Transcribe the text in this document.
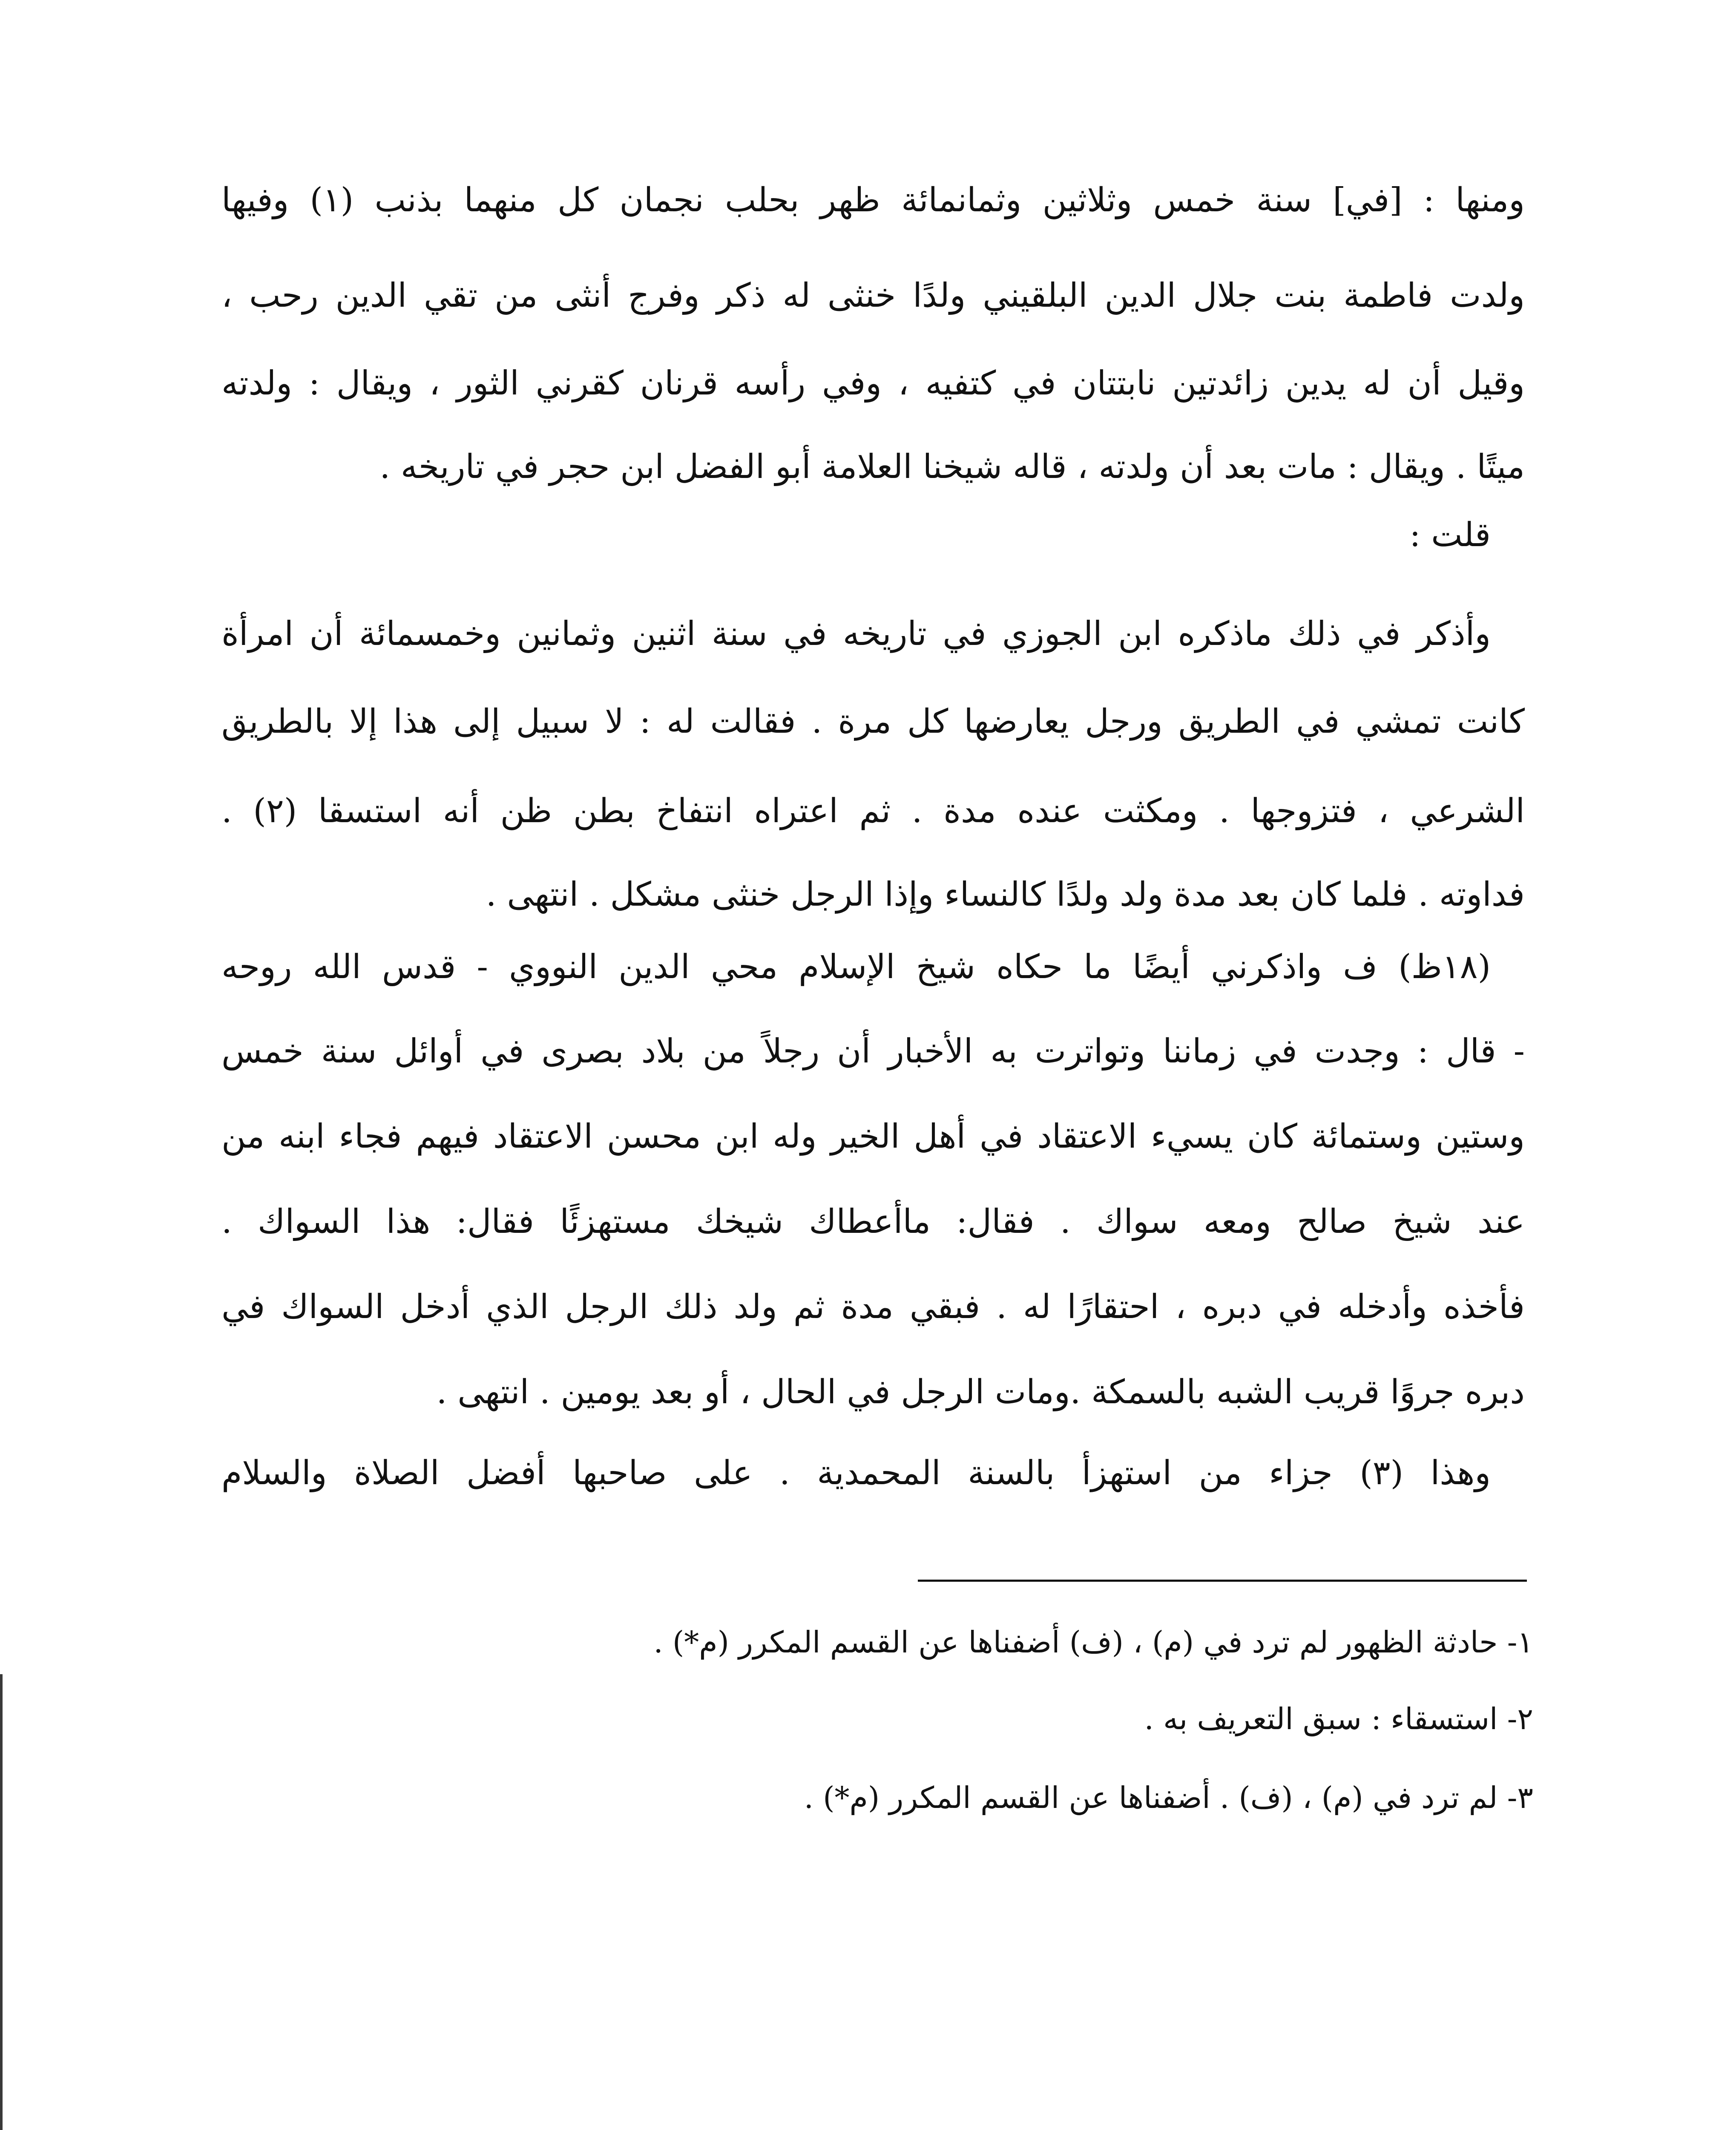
ومنها : [في] سنة خمس وثلاثين وثمانمائة ظهر بحلب نجمان كل منهما بذنب (١) وفيها
ولدت فاطمة بنت جلال الدين البلقيني ولدًا خنثى له ذكر وفرج أنثى من تقي الدين رحب ،
وقيل أن له يدين زائدتين نابتتان في كتفيه ، وفي رأسه قرنان كقرني الثور ، ويقال : ولدته
ميتًا . ويقال : مات بعد أن ولدته ، قاله شيخنا العلامة أبو الفضل ابن حجر في تاريخه .
قلت :
وأذكر في ذلك ماذكره ابن الجوزي في تاريخه في سنة اثنين وثمانين وخمسمائة أن امرأة
كانت تمشي في الطريق ورجل يعارضها كل مرة . فقالت له : لا سبيل إلى هذا إلا بالطريق
الشرعي ، فتزوجها . ومكثت عنده مدة . ثم اعتراه انتفاخ بطن ظن أنه استسقا (٢) .
فداوته . فلما كان بعد مدة ولد ولدًا كالنساء وإذا الرجل خنثى مشكل . انتهى .
(١٨ظ) ف واذكرني أيضًا ما حكاه شيخ الإسلام محي الدين النووي - قدس الله روحه
- قال : وجدت في زماننا وتواترت به الأخبار أن رجلاً من بلاد بصرى في أوائل سنة خمس
وستين وستمائة كان يسيء الاعتقاد في أهل الخير وله ابن محسن الاعتقاد فيهم فجاء ابنه من
عند شيخ صالح ومعه سواك . فقال: ماأعطاك شيخك مستهزئًا فقال: هذا السواك .
فأخذه وأدخله في دبره ، احتقارًا له . فبقي مدة ثم ولد ذلك الرجل الذي أدخل السواك في
دبره جروًا قريب الشبه بالسمكة .ومات الرجل في الحال ، أو بعد يومين . انتهى .
وهذا (٣) جزاء من استهزأ بالسنة المحمدية . على صاحبها أفضل الصلاة والسلام
١- حادثة الظهور لم ترد في (م) ، (ف) أضفناها عن القسم المكرر (م*) .
٢- استسقاء : سبق التعريف به .
٣- لم ترد في (م) ، (ف) . أضفناها عن القسم المكرر (م*) .
